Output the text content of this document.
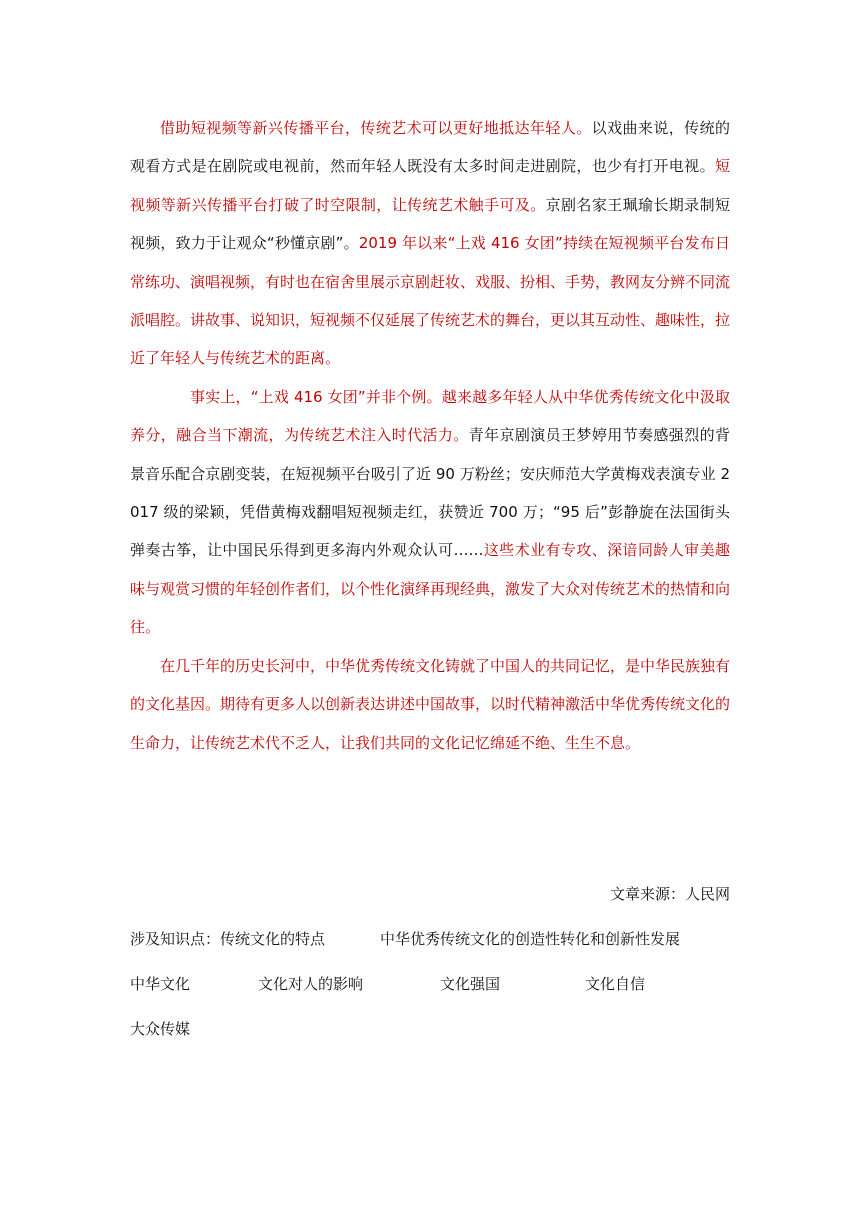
借助短视频等新兴传播平台，传统艺术可以更好地抵达年轻人。以戏曲来说，传统的观看方式是在剧院或电视前，然而年轻人既没有太多时间走进剧院，也少有打开电视。短视频等新兴传播平台打破了时空限制，让传统艺术触手可及。京剧名家王珮瑜长期录制短视频，致力于让观众“秒懂京剧”。2019 年以来“上戏 416 女团”持续在短视频平台发布日常练功、演唱视频，有时也在宿舍里展示京剧赶妆、戏服、扮相、手势，教网友分辨不同流派唱腔。讲故事、说知识，短视频不仅延展了传统艺术的舞台，更以其互动性、趣味性，拉近了年轻人与传统艺术的距离。

事实上，“上戏 416 女团”并非个例。越来越多年轻人从中华优秀传统文化中汲取养分，融合当下潮流，为传统艺术注入时代活力。青年京剧演员王梦婷用节奏感强烈的背景音乐配合京剧变装，在短视频平台吸引了近 90 万粉丝；安庆师范大学黄梅戏表演专业 2017 级的梁颖，凭借黄梅戏翻唱短视频走红，获赞近 700 万；“95 后”彭静旋在法国街头弹奏古筝，让中国民乐得到更多海内外观众认可……这些术业有专攻、深谙同龄人审美趣味与观赏习惯的年轻创作者们，以个性化演绎再现经典，激发了大众对传统艺术的热情和向往。

在几千年的历史长河中，中华优秀传统文化铸就了中国人的共同记忆，是中华民族独有的文化基因。期待有更多人以创新表达讲述中国故事，以时代精神激活中华优秀传统文化的生命力，让传统艺术代不乏人，让我们共同的文化记忆绵延不绝、生生不息。

文章来源：人民网

涉及知识点： 传统文化的特点	中华优秀传统文化的创造性转化和创新性发展
中华文化	文化对人的影响	文化强国	文化自信
大众传媒
